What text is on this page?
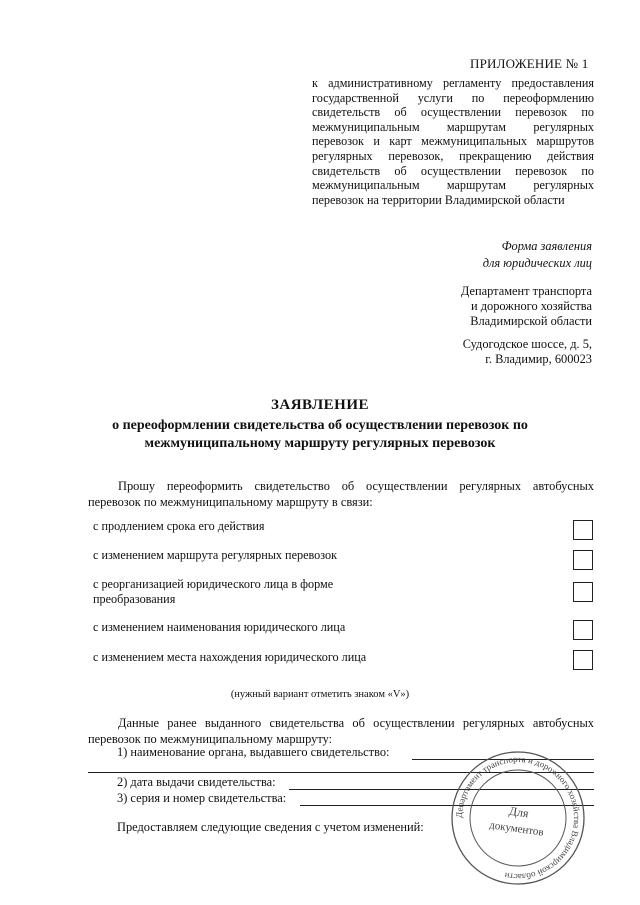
ПРИЛОЖЕНИЕ № 1
к административному регламенту предоставления государственной услуги по переоформлению свидетельств об осуществлении перевозок по межмуниципальным маршрутам регулярных перевозок и карт межмуниципальных маршрутов регулярных перевозок, прекращению действия свидетельств об осуществлении перевозок по межмуниципальным маршрутам регулярных перевозок на территории Владимирской области
Форма заявления
для юридических лиц
Департамент транспорта
и дорожного хозяйства
Владимирской области
Судогодское шоссе, д. 5,
г. Владимир, 600023
ЗАЯВЛЕНИЕ
о переоформлении свидетельства об осуществлении перевозок по
межмуниципальному маршруту регулярных перевозок
Прошу переоформить свидетельство об осуществлении регулярных автобусных перевозок по межмуниципальному маршруту в связи:
с продлением срока его действия
с изменением маршрута регулярных перевозок
с реорганизацией юридического лица в форме преобразования
с изменением наименования юридического лица
с изменением места нахождения юридического лица
(нужный вариант отметить знаком «V»)
Данные ранее выданного свидетельства об осуществлении регулярных автобусных перевозок по межмуниципальному маршруту:
1) наименование органа, выдавшего свидетельство:
2) дата выдачи свидетельства:
3) серия и номер свидетельства:
Предоставляем следующие сведения с учетом изменений:
Департамент транспорта и дорожного хозяйства Владимирской области
Для
документов
